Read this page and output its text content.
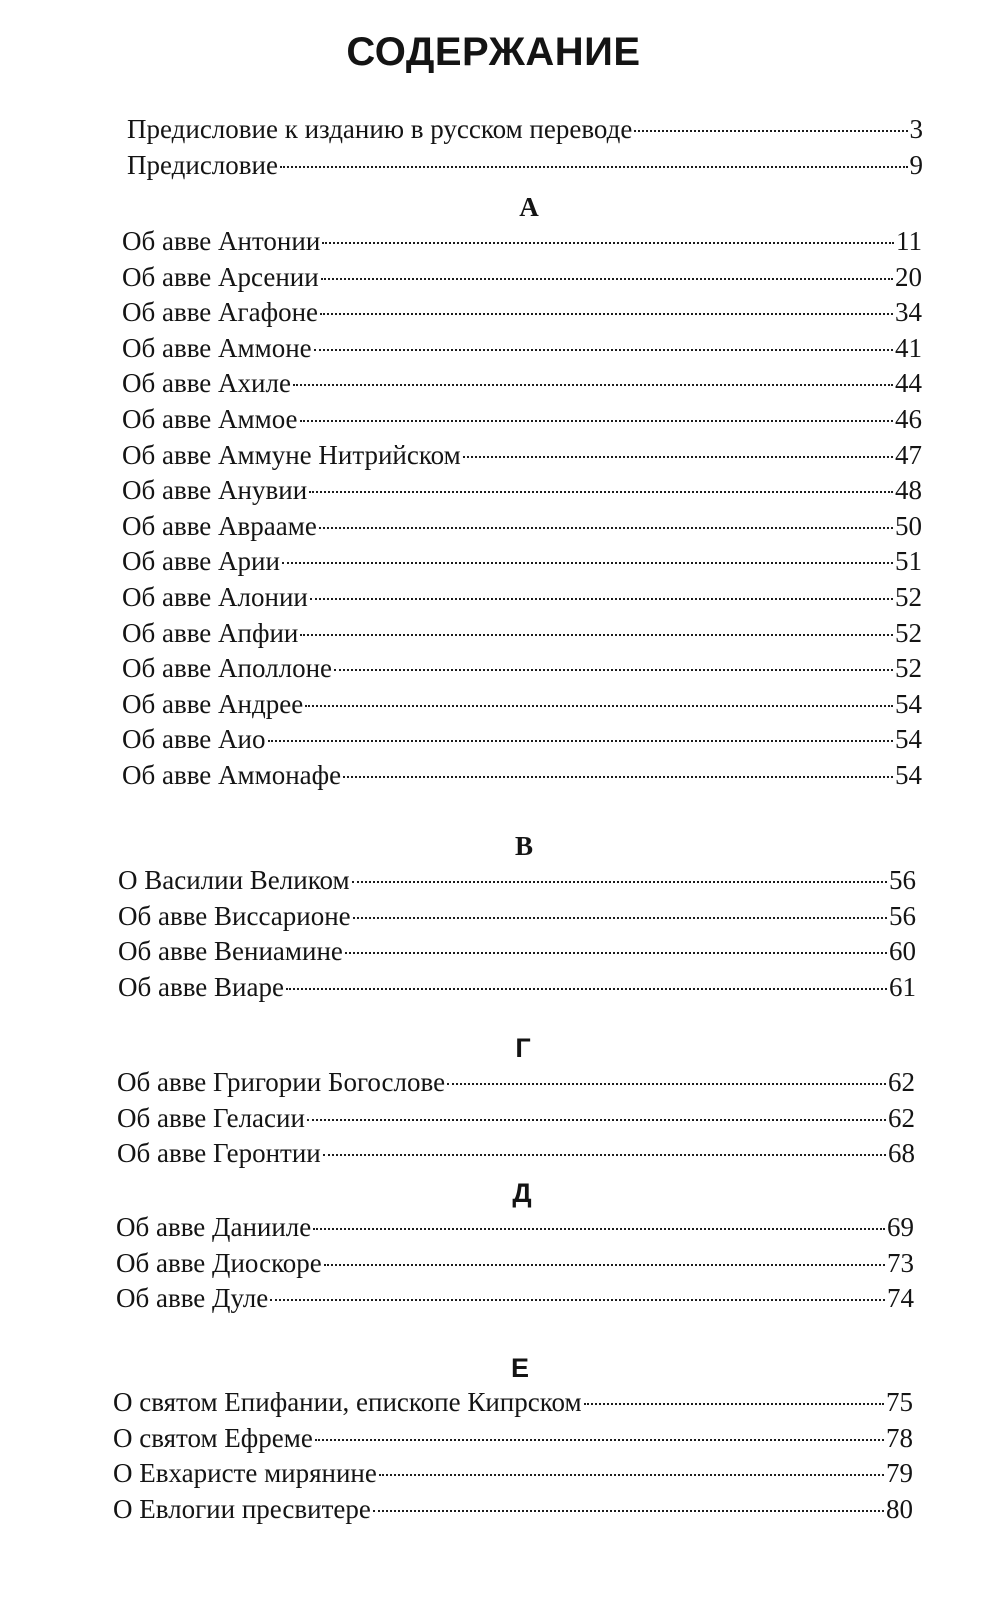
СОДЕРЖАНИЕ
Предисловие к изданию в русском переводе	3
Предисловие	9
А
Об авве Антонии	11
Об авве Арсении	20
Об авве Агафоне	34
Об авве Аммоне	41
Об авве Ахиле	44
Об авве Аммое	46
Об авве Аммуне Нитрийском	47
Об авве Анувии	48
Об авве Аврааме	50
Об авве Арии	51
Об авве Алонии	52
Об авве Апфии	52
Об авве Аполлоне	52
Об авве Андрее	54
Об авве Аио	54
Об авве Аммонафе	54
В
О Василии Великом	56
Об авве Виссарионе	56
Об авве Вениамине	60
Об авве Виаре	61
Г
Об авве Григории Богослове	62
Об авве Геласии	62
Об авве Геронтии	68
Д
Об авве Данииле	69
Об авве Диоскоре	73
Об авве Дуле	74
Е
О святом Епифании, епископе Кипрском	75
О святом Ефреме	78
О Евхаристе мирянине	79
О Евлогии пресвитере	80
